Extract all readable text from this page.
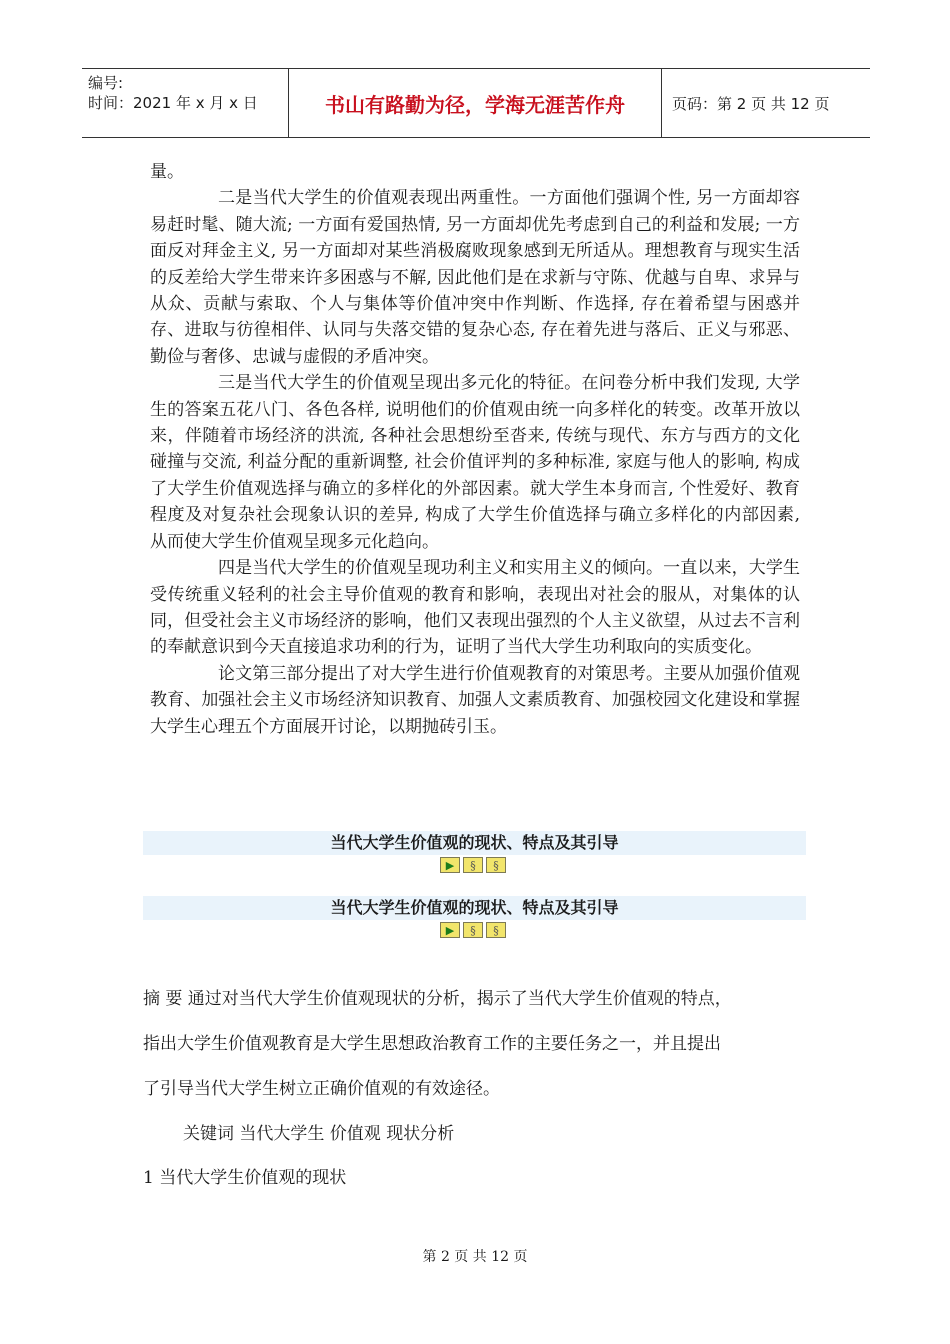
编号:
时间：2021 年 x 月 x 日	书山有路勤为径，学海无涯苦作舟	页码：第 2 页 共 12 页

量。

二是当代大学生的价值观表现出两重性。一方面他们强调个性, 另一方面却容易赶时髦、随大流; 一方面有爱国热情, 另一方面却优先考虑到自己的利益和发展; 一方面反对拜金主义, 另一方面却对某些消极腐败现象感到无所适从。理想教育与现实生活的反差给大学生带来许多困惑与不解, 因此他们是在求新与守陈、优越与自卑、求异与从众、贡献与索取、个人与集体等价值冲突中作判断、作选择, 存在着希望与困惑并存、进取与彷徨相伴、认同与失落交错的复杂心态, 存在着先进与落后、正义与邪恶、勤俭与奢侈、忠诚与虚假的矛盾冲突。

三是当代大学生的价值观呈现出多元化的特征。在问卷分析中我们发现, 大学生的答案五花八门、各色各样, 说明他们的价值观由统一向多样化的转变。改革开放以来，伴随着市场经济的洪流, 各种社会思想纷至沓来, 传统与现代、东方与西方的文化碰撞与交流, 利益分配的重新调整, 社会价值评判的多种标准, 家庭与他人的影响, 构成了大学生价值观选择与确立的多样化的外部因素。就大学生本身而言, 个性爱好、教育程度及对复杂社会现象认识的差异, 构成了大学生价值选择与确立多样化的内部因素, 从而使大学生价值观呈现多元化趋向。

四是当代大学生的价值观呈现功利主义和实用主义的倾向。一直以来，大学生受传统重义轻利的社会主导价值观的教育和影响，表现出对社会的服从，对集体的认同，但受社会主义市场经济的影响，他们又表现出强烈的个人主义欲望，从过去不言利的奉献意识到今天直接追求功利的行为，证明了当代大学生功利取向的实质变化。

论文第三部分提出了对大学生进行价值观教育的对策思考。主要从加强价值观教育、加强社会主义市场经济知识教育、加强人文素质教育、加强校园文化建设和掌握大学生心理五个方面展开讨论，以期抛砖引玉。

当代大学生价值观的现状、特点及其引导
▶	§	§
当代大学生价值观的现状、特点及其引导
▶	§	§
摘 要 通过对当代大学生价值观现状的分析，揭示了当代大学生价值观的特点，
指出大学生价值观教育是大学生思想政治教育工作的主要任务之一，并且提出
了引导当代大学生树立正确价值观的有效途径。
关键词 当代大学生 价值观 现状分析
1 当代大学生价值观的现状
第 2 页 共 12 页
